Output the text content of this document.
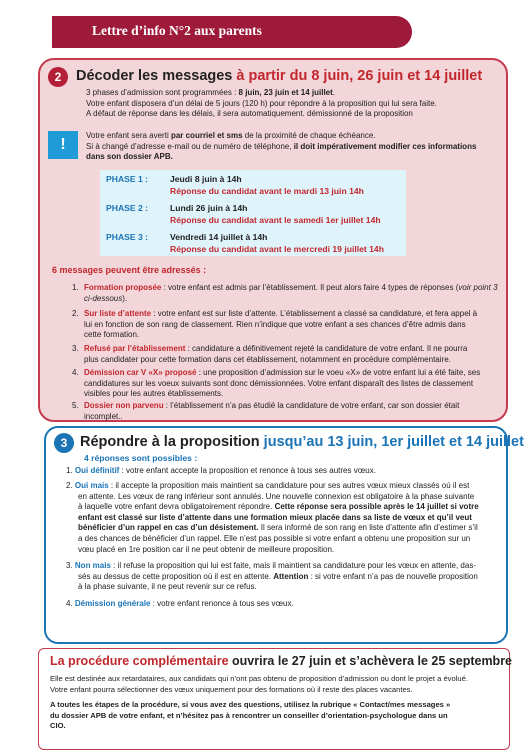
Lettre d’info N°2 aux parents
2	Décoder les messages à partir du 8 juin, 26 juin et 14 juillet
3 phases d’admission sont programmées : 8 juin, 23 juin et 14 juillet.
Votre enfant disposera d’un délai de 5 jours (120 h) pour répondre à la proposition qui lui sera faite.
A défaut de réponse dans les délais, il sera automatiquement. démissionné de la proposition
!
Votre enfant sera averti par courriel et sms de la proximité de chaque échéance.
Si à changé d’adresse e-mail ou de numéro de téléphone, il doit impérativement modifier ces informations
dans son dossier APB.
PHASE 1 :	Jeudi 8 juin à 14h
Réponse du candidat avant le mardi 13 juin 14h
PHASE 2 :	Lundi 26 juin à 14h
Réponse du candidat avant le samedi 1er juillet 14h
PHASE 3 :	Vendredi 14 juillet à 14h
Réponse du candidat avant le mercredi 19 juillet 14h
6 messages peuvent être adressés :
1. Formation proposée : votre enfant est admis par l’établissement. Il peut alors faire 4 types de réponses (voir point 3
ci-dessous).
2. Sur liste d’attente : votre enfant est sur liste d’attente. L’établissement a classé sa candidature, et fera appel à
lui en fonction de son rang de classement. Rien n’indique que votre enfant a ses chances d’être admis dans
cette formation.
3. Refusé par l’établissement : candidature a définitivement rejeté la candidature de votre enfant. Il ne pourra
plus candidater pour cette formation dans cet établissement, notamment en procédure complémentaire.
4. Démission car V «X» proposé : une proposition d’admission sur le voeu «X» de votre enfant lui a été faite, ses
candidatures sur les voeux suivants sont donc démissionnées. Votre enfant disparaît des listes de classement
visibles pour les autres établissements.
5. Dossier non parvenu : l’établissement n’a pas étudié la candidature de votre enfant, car son dossier était incomplet..
3 Répondre à la proposition jusqu’au 13 juin, 1er juillet et 14 juillet
4 réponses sont possibles :
1. Oui définitif : votre enfant accepte la proposition et renonce à tous ses autres vœux.
2. Oui mais : il accepte la proposition mais maintient sa candidature pour ses autres vœux mieux classés où il est
en attente. Les vœux de rang inférieur sont annulés. Une nouvelle connexion est obligatoire à la phase suivante
à laquelle votre enfant devra obligatoirement répondre. Cette réponse sera possible après le 14 juillet si votre
enfant est classé sur liste d’attente dans une formation mieux placée dans sa liste de vœux et qu’il veut
bénéficier d’un rappel en cas d’un désistement. Il sera informé de son rang en liste d’attente afin d’estimer s’il
a des chances de bénéficier d’un rappel. Elle n’est pas possible si votre enfant a obtenu une proposition sur un
vœu placé en 1re position car il ne peut obtenir de meilleure proposition.
3. Non mais : il refuse la proposition qui lui est faite, mais il maintient sa candidature pour les vœux en attente, das-
sés au dessus de cette proposition où il est en attente. Attention : si votre enfant n’a pas de nouvelle proposition
à la phase suivante, il ne peut revenir sur ce refus.
4. Démission générale : votre enfant renonce à tous ses vœux.
La procédure complémentaire ouvrira le 27 juin et s’achèvera le 25 septembre
Elle est destinée aux retardataires, aux candidats qui n’ont pas obtenu de proposition d’admission ou dont le projet a évolué.
Votre enfant pourra sélectionner des vœux uniquement pour des formations où il reste des places vacantes.
A toutes les étapes de la procédure, si vous avez des questions, utilisez la rubrique « Contact/mes messages »
du dossier APB de votre enfant, et n’hésitez pas à rencontrer un conseiller d’orientation-psychologue dans un
CIO.
